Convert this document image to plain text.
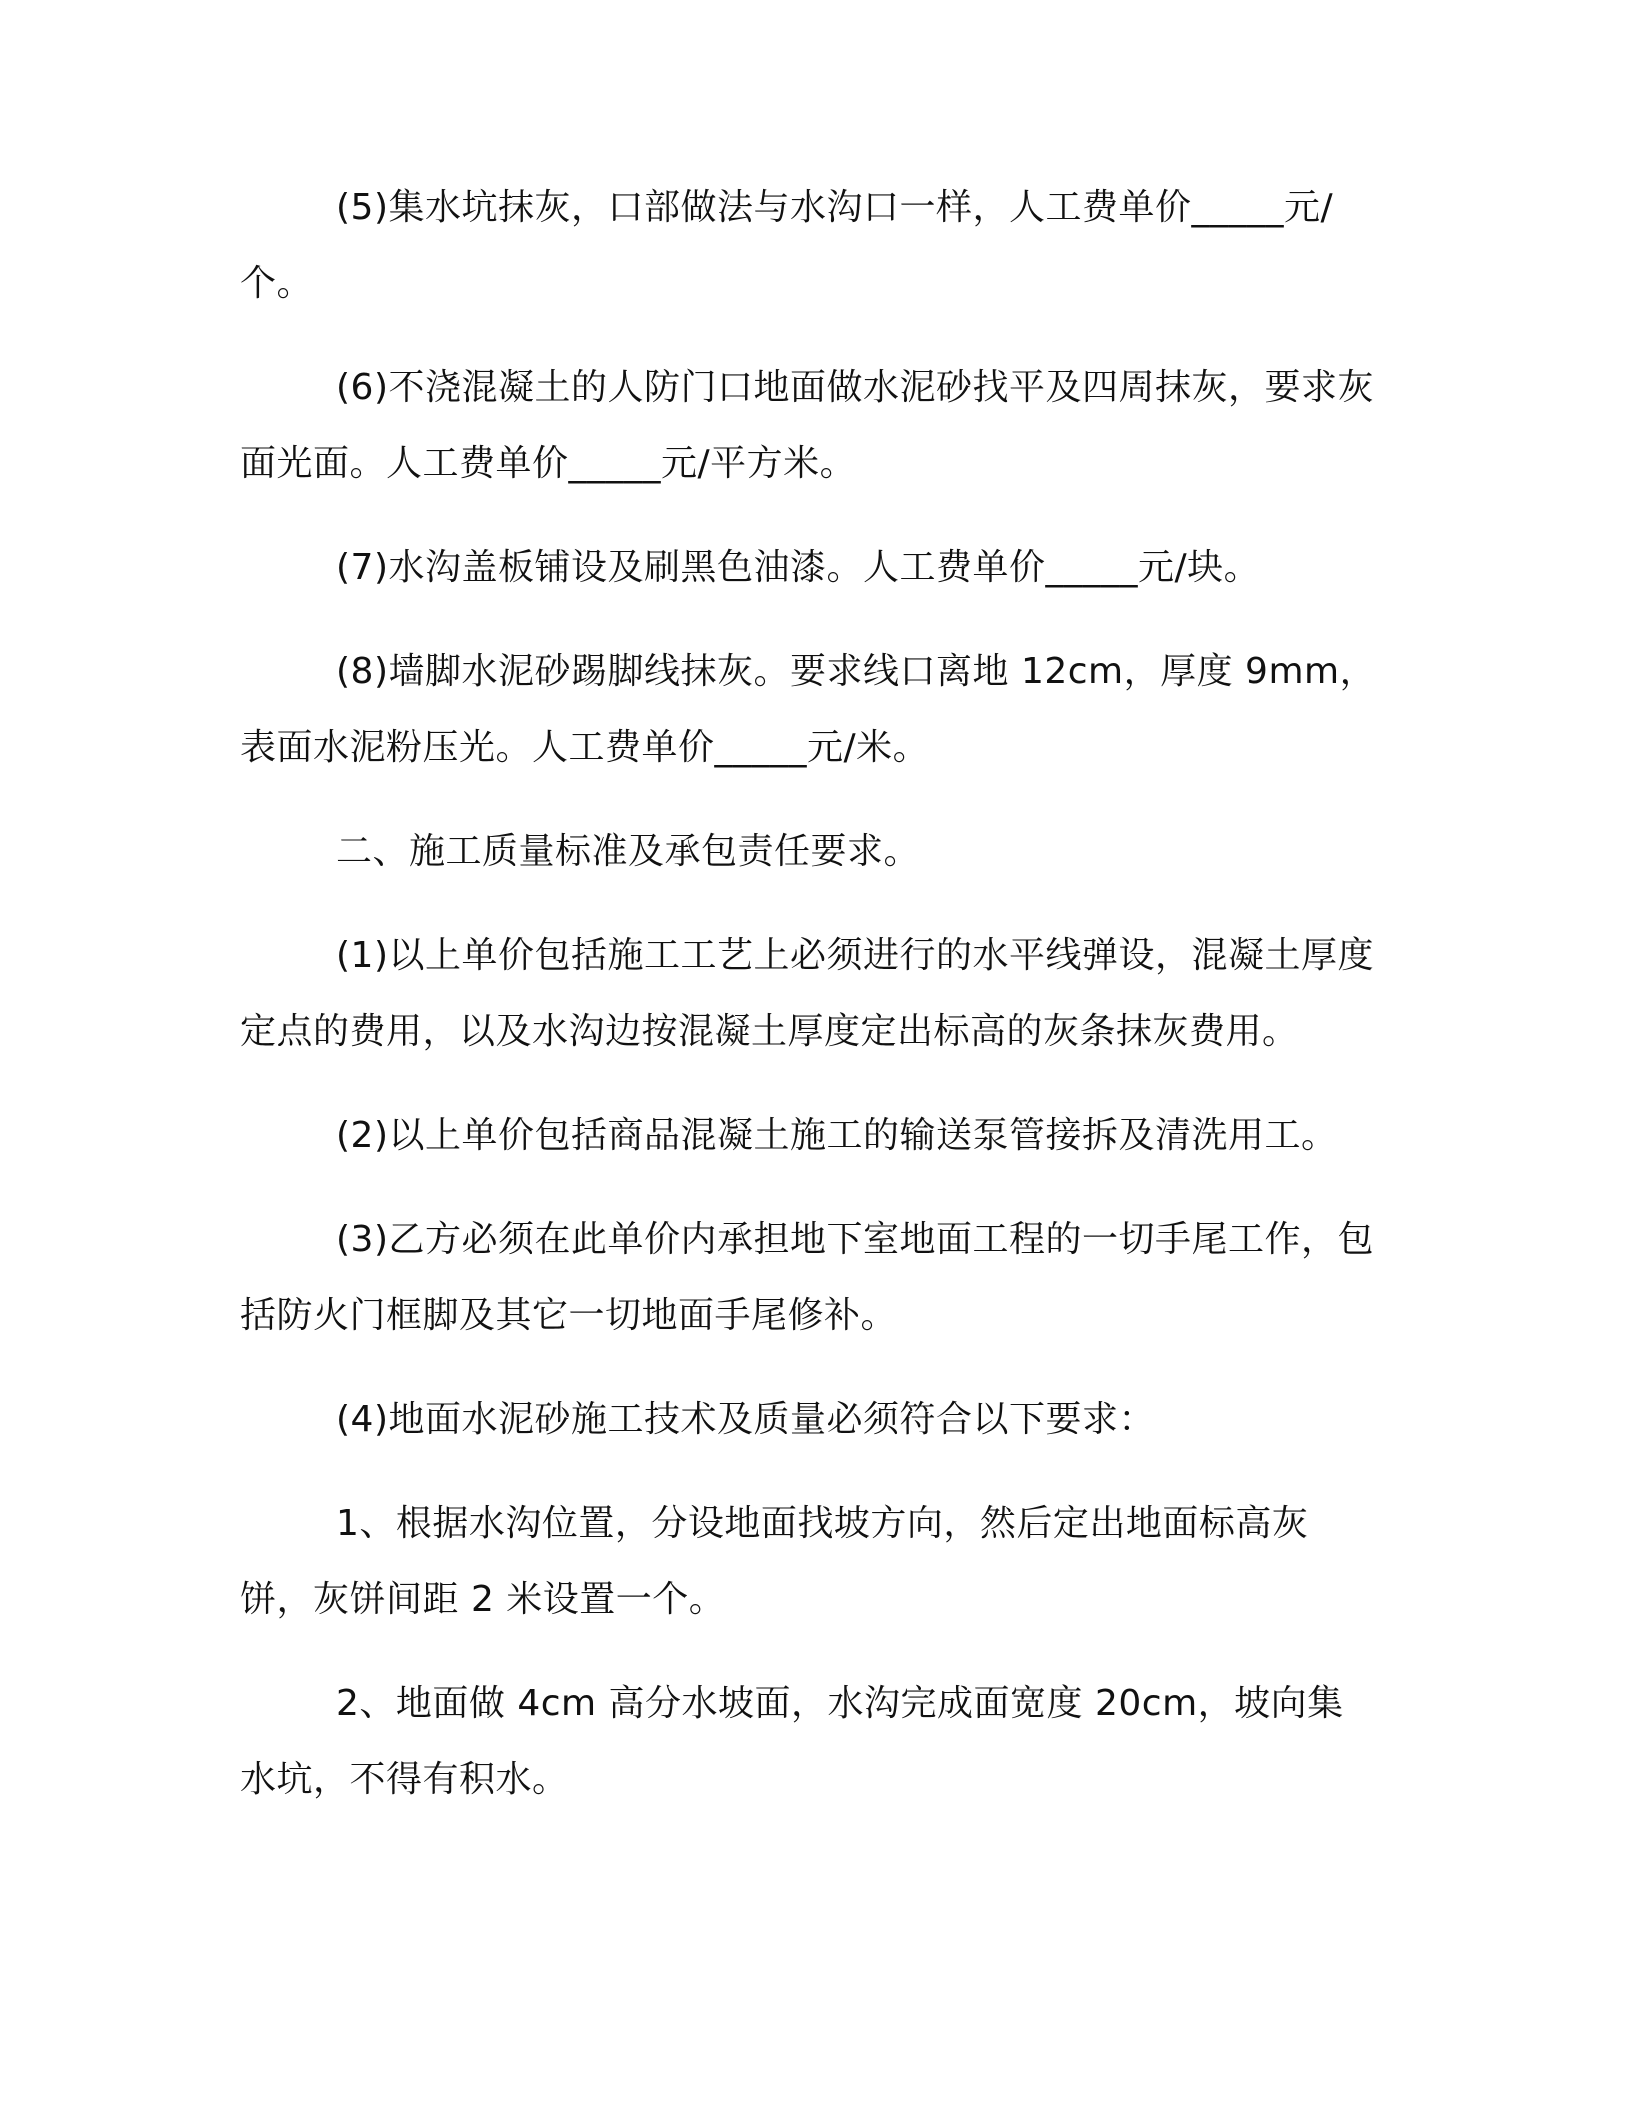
(5)集水坑抹灰，口部做法与水沟口一样，人工费单价_____元/个。

(6)不浇混凝土的人防门口地面做水泥砂找平及四周抹灰，要求灰面光面。人工费单价_____元/平方米。

(7)水沟盖板铺设及刷黑色油漆。人工费单价_____元/块。

(8)墙脚水泥砂踢脚线抹灰。要求线口离地 12cm，厚度 9mm，表面水泥粉压光。人工费单价_____元/米。

二、施工质量标准及承包责任要求。

(1)以上单价包括施工工艺上必须进行的水平线弹设，混凝土厚度定点的费用，以及水沟边按混凝土厚度定出标高的灰条抹灰费用。

(2)以上单价包括商品混凝土施工的输送泵管接拆及清洗用工。

(3)乙方必须在此单价内承担地下室地面工程的一切手尾工作，包括防火门框脚及其它一切地面手尾修补。

(4)地面水泥砂施工技术及质量必须符合以下要求：

1、根据水沟位置，分设地面找坡方向，然后定出地面标高灰饼，灰饼间距 2 米设置一个。

2、地面做 4cm 高分水坡面，水沟完成面宽度 20cm，坡向集水坑，不得有积水。
